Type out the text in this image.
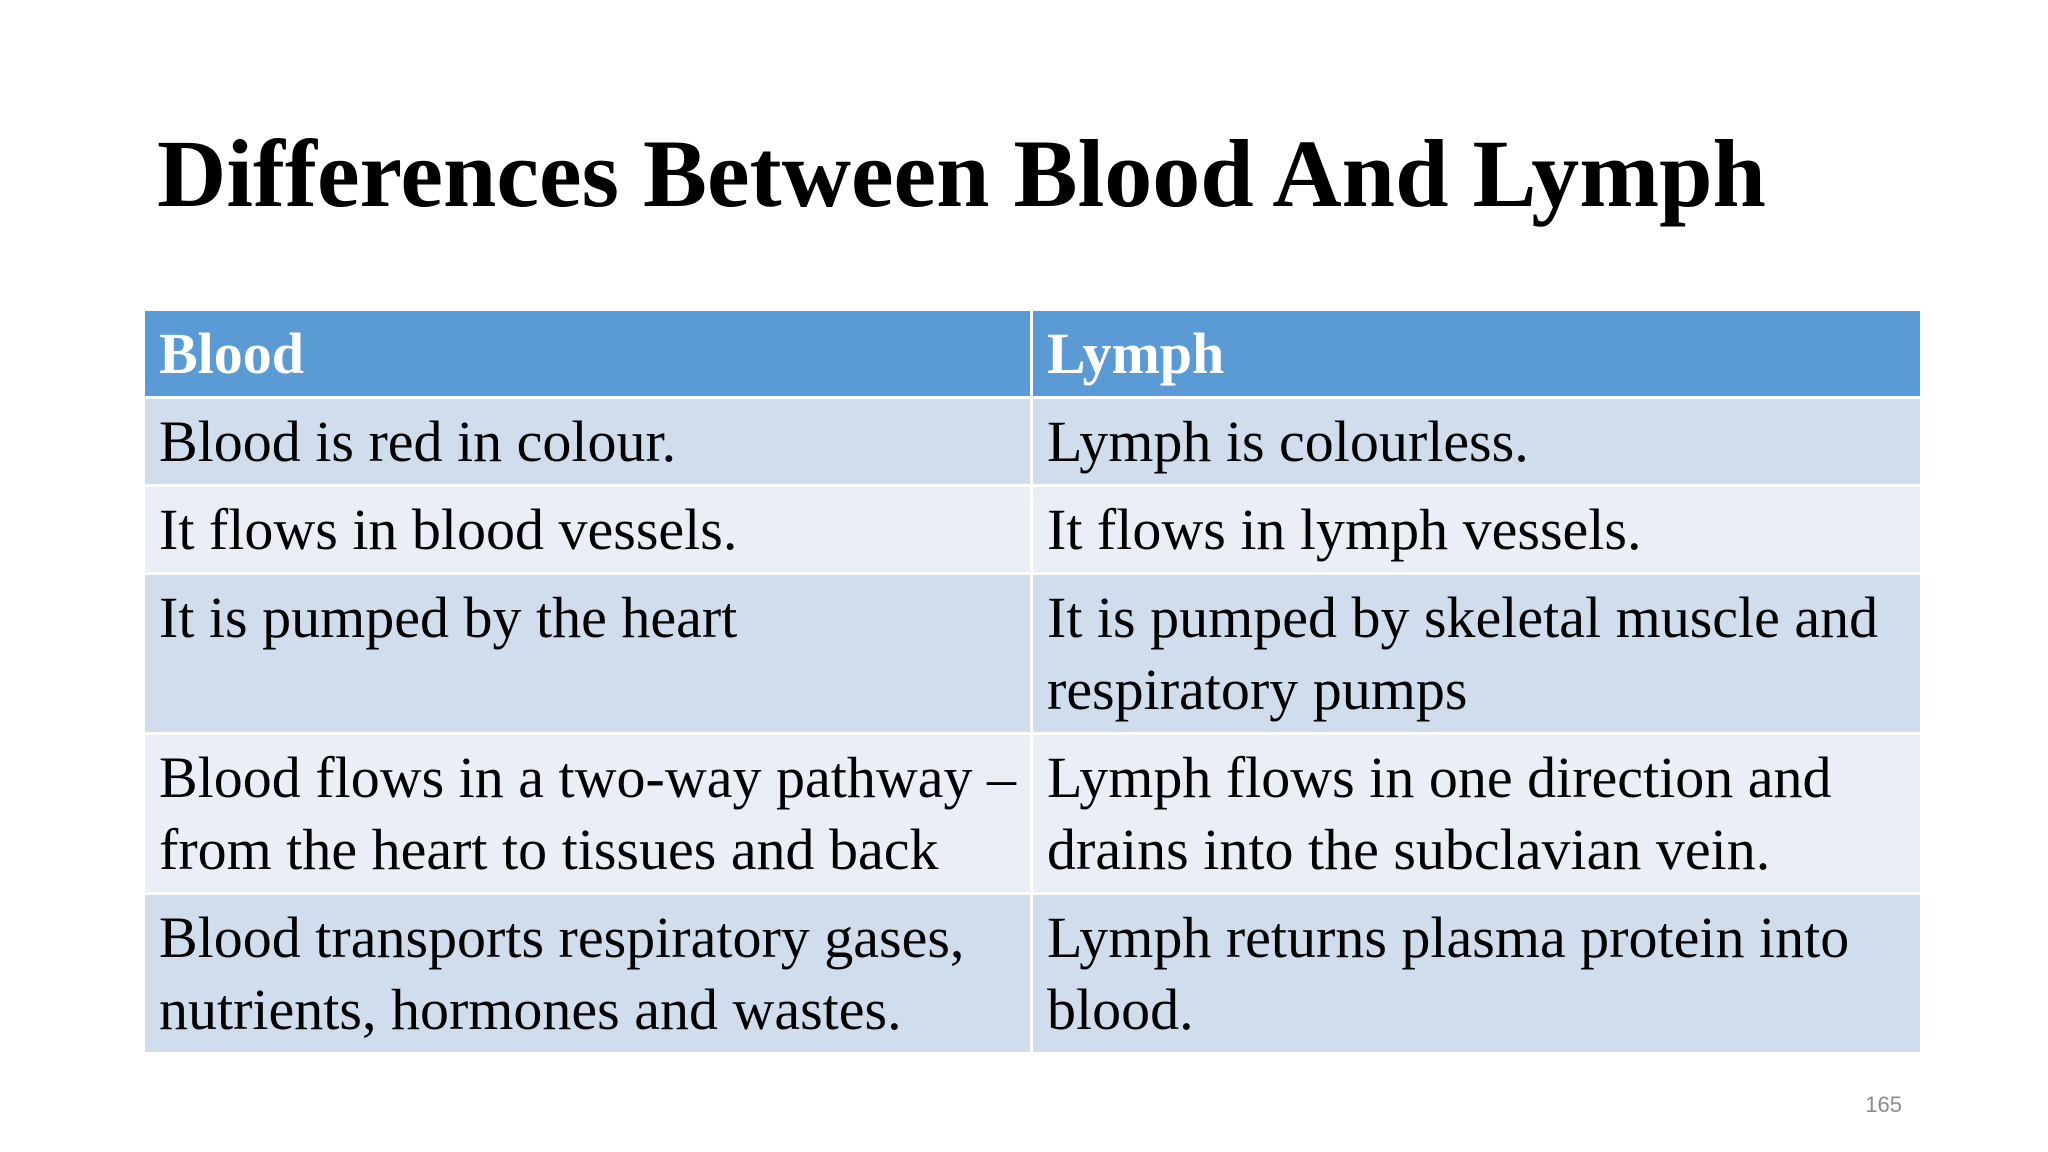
Differences Between Blood And Lymph
Blood	Lymph
Blood is red in colour.	Lymph is colourless.
It flows in blood vessels.	It flows in lymph vessels.
It is pumped by the heart	It is pumped by skeletal muscle and respiratory pumps
Blood flows in a two-way pathway – from the heart to tissues and back	Lymph flows in one direction and drains into the subclavian vein.
Blood transports respiratory gases, nutrients, hormones and wastes.	Lymph returns plasma protein into blood.
165
